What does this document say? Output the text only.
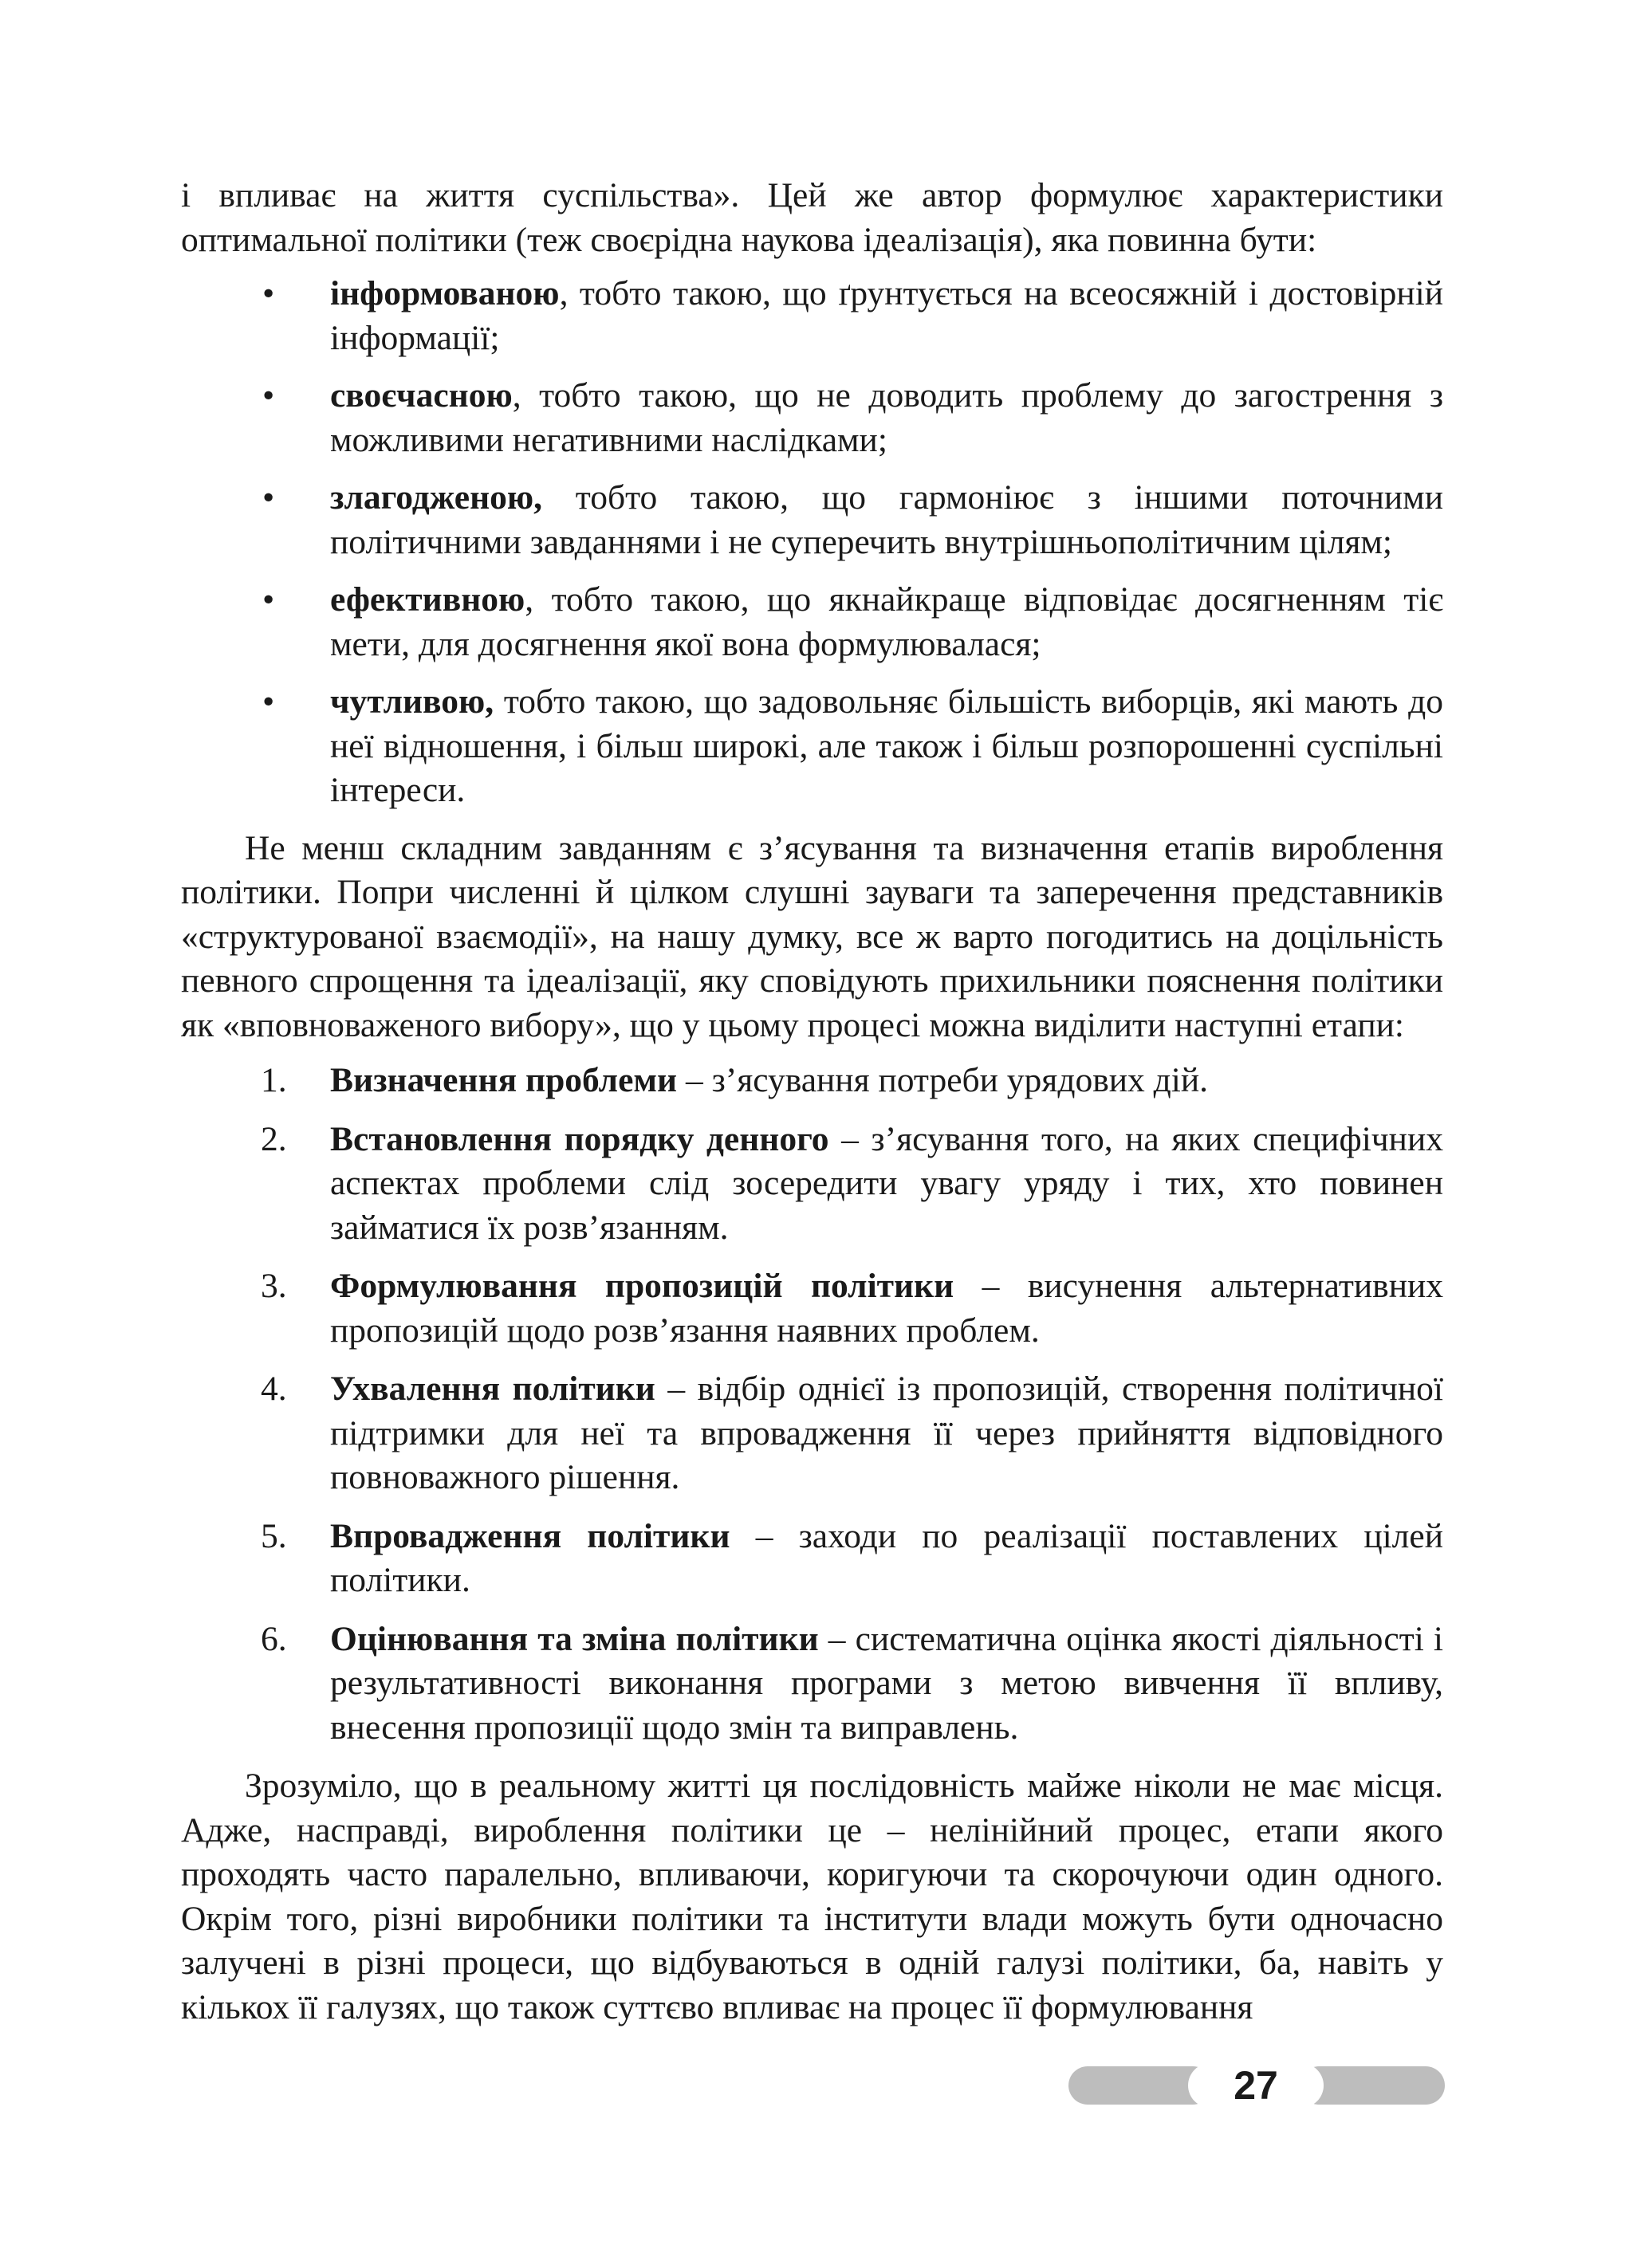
і впливає на життя суспільства». Цей же автор формулює характеристики оптимальної політики (теж своєрідна наукова ідеалізація), яка повинна бути:

• інформованою, тобто такою, що ґрунтується на всеосяжній і достовірній інформації;
• своєчасною, тобто такою, що не доводить проблему до загострення з можливими негативними наслідками;
• злагодженою, тобто такою, що гармоніює з іншими поточними політичними завданнями і не суперечить внутрішньополітичним цілям;
• ефективною, тобто такою, що якнайкраще відповідає досягненням тіє мети, для досягнення якої вона формулювалася;
• чутливою, тобто такою, що задовольняє більшість виборців, які мають до неї відношення, і більш широкі, але також і більш розпорошенні суспільні інтереси.

Не менш складним завданням є з’ясування та визначення етапів вироблення політики. Попри численні й цілком слушні зауваги та заперечення представників «структурованої взаємодії», на нашу думку, все ж варто погодитись на доцільність певного спрощення та ідеалізації, яку сповідують прихильники пояснення політики як «вповноваженого вибору», що у цьому процесі можна виділити наступні етапи:

1. Визначення проблеми – з’ясування потреби урядових дій.
2. Встановлення порядку денного – з’ясування того, на яких специфічних аспектах проблеми слід зосередити увагу уряду і тих, хто повинен займатися їх розв’язанням.
3. Формулювання пропозицій політики – висунення альтернативних пропозицій щодо розв’язання наявних проблем.
4. Ухвалення політики – відбір однієї із пропозицій, створення політичної підтримки для неї та впровадження її через прийняття відповідного повноважного рішення.
5. Впровадження політики – заходи по реалізації поставлених цілей політики.
6. Оцінювання та зміна політики – систематична оцінка якості діяльності і результативності виконання програми з метою вивчення її впливу, внесення пропозиції щодо змін та виправлень.

Зрозуміло, що в реальному житті ця послідовність майже ніколи не має місця. Адже, насправді, вироблення політики це – нелінійний процес, етапи якого проходять часто паралельно, впливаючи, коригуючи та скорочуючи один одного. Окрім того, різні виробники політики та інститути влади можуть бути одночасно залучені в різні процеси, що відбуваються в одній галузі політики, ба, навіть у кількох її галузях, що також суттєво впливає на процес її формулювання

27
